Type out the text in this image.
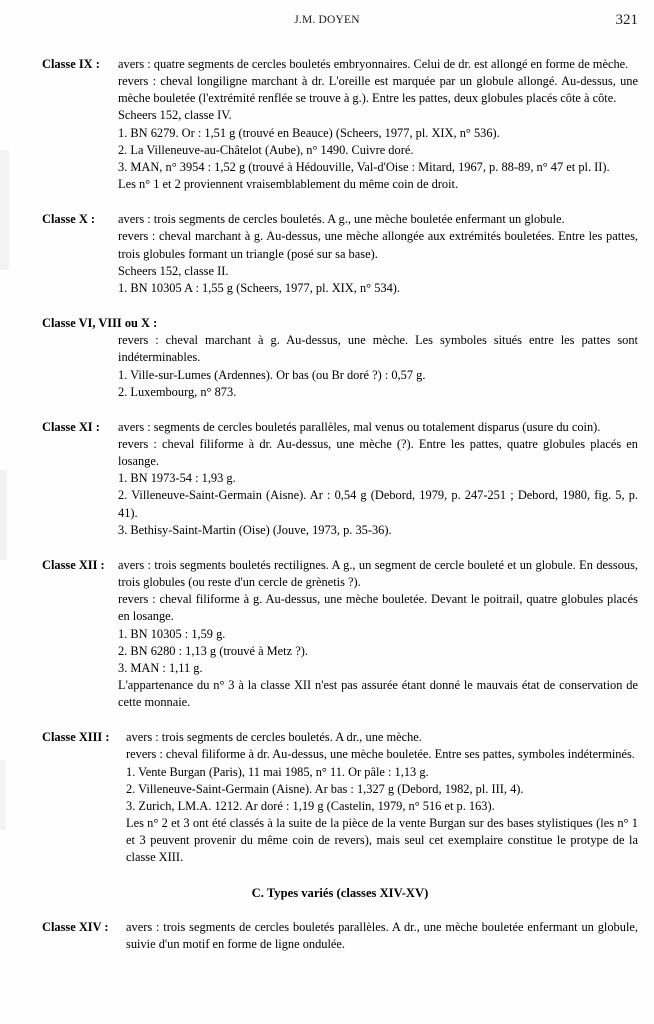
J.M. DOYEN	321
Classe IX :	avers : quatre segments de cercles bouletés embryonnaires. Celui de dr. est allongé en forme de mèche.

revers : cheval longiligne marchant à dr. L'oreille est marquée par un globule allongé. Au-dessus, une mèche bouletée (l'extrémité renflée se trouve à g.). Entre les pattes, deux globules placés côte à côte.

Scheers 152, classe IV.

1. BN 6279. Or : 1,51 g (trouvé en Beauce) (Scheers, 1977, pl. XIX, n° 536).

2. La Villeneuve-au-Châtelot (Aube), n° 1490. Cuivre doré.

3. MAN, n° 3954 : 1,52 g (trouvé à Hédouville, Val-d'Oise : Mitard, 1967, p. 88-89, n° 47 et pl. II).

Les n° 1 et 2 proviennent vraisemblablement du même coin de droit.

Classe X :	avers : trois segments de cercles bouletés. A g., une mèche bouletée enfermant un globule.

revers : cheval marchant à g. Au-dessus, une mèche allongée aux extrémités bouletées. Entre les pattes, trois globules formant un triangle (posé sur sa base).

Scheers 152, classe II.

1. BN 10305 A : 1,55 g (Scheers, 1977, pl. XIX, n° 534).

Classe VI, VIII ou X :

revers : cheval marchant à g. Au-dessus, une mèche. Les symboles situés entre les pattes sont indéterminables.

1. Ville-sur-Lumes (Ardennes). Or bas (ou Br doré ?) : 0,57 g.

2. Luxembourg, n° 873.

Classe XI :	avers : segments de cercles bouletés parallèles, mal venus ou totalement disparus (usure du coin).

revers : cheval filiforme à dr. Au-dessus, une mèche (?). Entre les pattes, quatre globules placés en losange.

1. BN 1973-54 : 1,93 g.

2. Villeneuve-Saint-Germain (Aisne). Ar : 0,54 g (Debord, 1979, p. 247-251 ; Debord, 1980, fig. 5, p. 41).

3. Bethisy-Saint-Martin (Oise) (Jouve, 1973, p. 35-36).

Classe XII :	avers : trois segments bouletés rectilignes. A g., un segment de cercle bouleté et un globule. En dessous, trois globules (ou reste d'un cercle de grènetis ?).

revers : cheval filiforme à g. Au-dessus, une mèche bouletée. Devant le poitrail, quatre globules placés en losange.

1. BN 10305 : 1,59 g.

2. BN 6280 : 1,13 g (trouvé à Metz ?).

3. MAN : 1,11 g.

L'appartenance du n° 3 à la classe XII n'est pas assurée étant donné le mauvais état de conservation de cette monnaie.

Classe XIII :	avers : trois segments de cercles bouletés. A dr., une mèche.

revers : cheval filiforme à dr. Au-dessus, une mèche bouletée. Entre ses pattes, symboles indéterminés.

1. Vente Burgan (Paris), 11 mai 1985, n° 11. Or pâle : 1,13 g.

2. Villeneuve-Saint-Germain (Aisne). Ar bas : 1,327 g (Debord, 1982, pl. III, 4).

3. Zurich, LM.A. 1212. Ar doré : 1,19 g (Castelin, 1979, n° 516 et p. 163).

Les n° 2 et 3 ont été classés à la suite de la pièce de la vente Burgan sur des bases stylistiques (les n° 1 et 3 peuvent provenir du même coin de revers), mais seul cet exemplaire constitue le protype de la classe XIII.

C. Types variés (classes XIV-XV)

Classe XIV :	avers : trois segments de cercles bouletés parallèles. A dr., une mèche bouletée enfermant un globule, suivie d'un motif en forme de ligne ondulée.
